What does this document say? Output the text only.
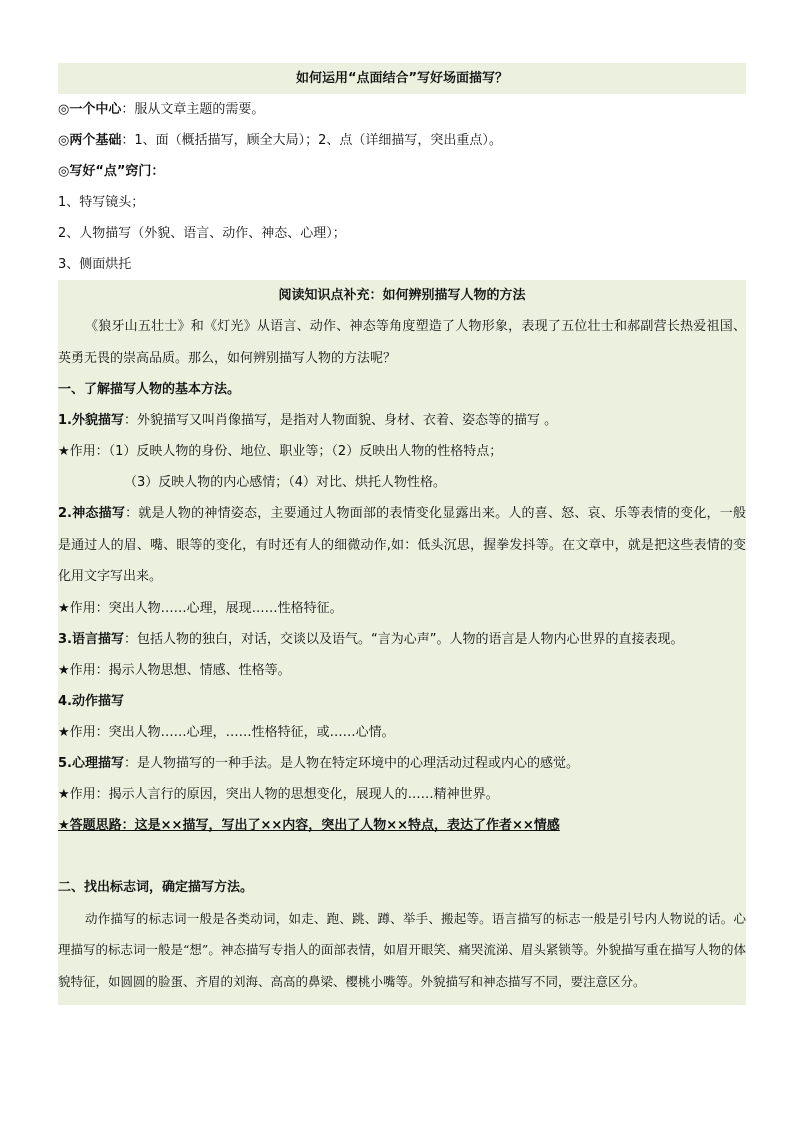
如何运用“点面结合”写好场面描写？
◎一个中心：服从文章主题的需要。
◎两个基础：1、面（概括描写，顾全大局）；2、点（详细描写，突出重点）。
◎写好“点”窍门：
1、特写镜头；
2、人物描写（外貌、语言、动作、神态、心理）；
3、侧面烘托
阅读知识点补充：如何辨别描写人物的方法
《狼牙山五壮士》和《灯光》从语言、动作、神态等角度塑造了人物形象，表现了五位壮士和郝副营长热爱祖国、英勇无畏的崇高品质。那么，如何辨别描写人物的方法呢？
一、了解描写人物的基本方法。
1.外貌描写：外貌描写又叫肖像描写，是指对人物面貌、身材、衣着、姿态等的描写 。
★作用：（1）反映人物的身份、地位、职业等；（2）反映出人物的性格特点；
（3）反映人物的内心感情；（4）对比、烘托人物性格。
2.神态描写：就是人物的神情姿态，主要通过人物面部的表情变化显露出来。人的喜、怒、哀、乐等表情的变化，一般是通过人的眉、嘴、眼等的变化，有时还有人的细微动作,如：低头沉思，握拳发抖等。在文章中，就是把这些表情的变化用文字写出来。
★作用：突出人物……心理，展现……性格特征。
3.语言描写：包括人物的独白，对话，交谈以及语气。“言为心声”。人物的语言是人物内心世界的直接表现。
★作用：揭示人物思想、情感、性格等。
4.动作描写
★作用：突出人物……心理，……性格特征，或……心情。
5.心理描写：是人物描写的一种手法。是人物在特定环境中的心理活动过程或内心的感觉。
★作用：揭示人言行的原因，突出人物的思想变化，展现人的……精神世界。
★答题思路：这是××描写，写出了××内容，突出了人物××特点，表达了作者××情感
二、找出标志词，确定描写方法。
动作描写的标志词一般是各类动词，如走、跑、跳、蹲、举手、搬起等。语言描写的标志一般是引号内人物说的话。心理描写的标志词一般是“想”。神态描写专指人的面部表情，如眉开眼笑、痛哭流涕、眉头紧锁等。外貌描写重在描写人物的体貌特征，如圆圆的脸蛋、齐眉的刘海、高高的鼻梁、樱桃小嘴等。外貌描写和神态描写不同，要注意区分。
